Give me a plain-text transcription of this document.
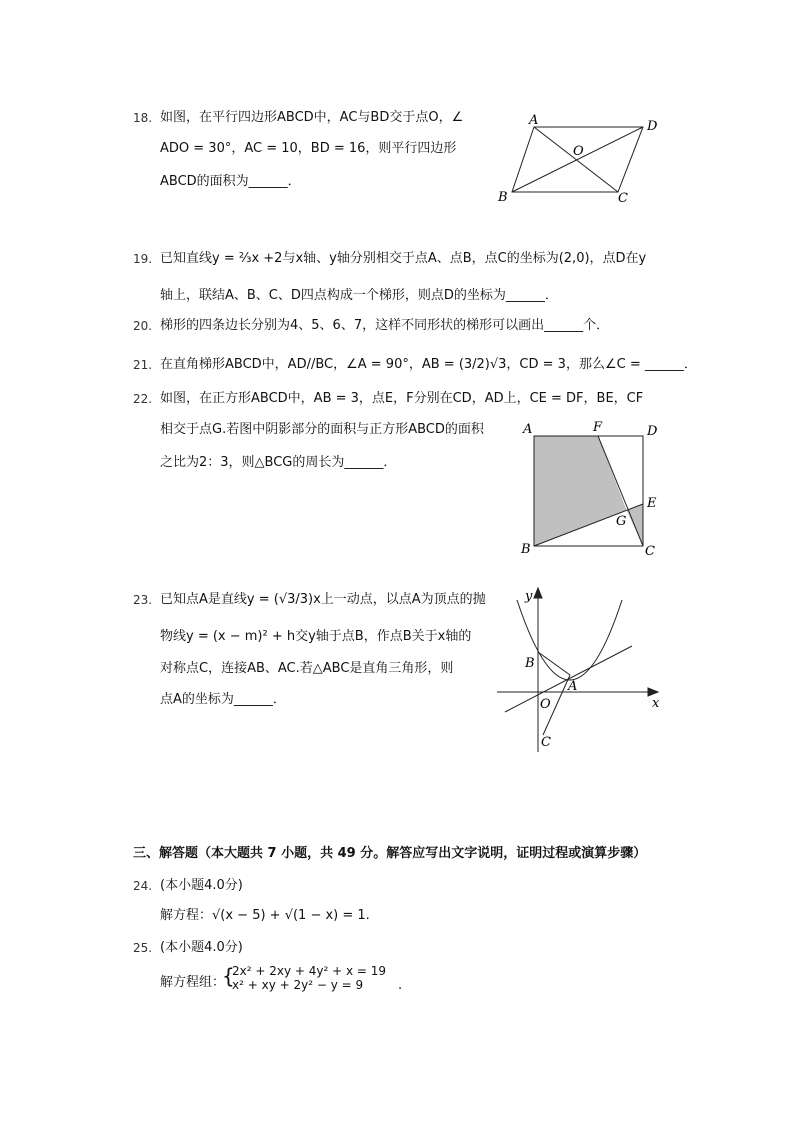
18. 如图，在平行四边形ABCD中，AC与BD交于点O，∠
ADO = 30°，AC = 10，BD = 16，则平行四边形
ABCD的面积为______．
19. 已知直线y = ⅔x +2与x轴、y轴分别相交于点A、点B，点C的坐标为(2,0)，点D在y
轴上，联结A、B、C、D四点构成一个梯形，则点D的坐标为______．
20. 梯形的四条边长分别为4、5、6、7，这样不同形状的梯形可以画出______个．
21. 在直角梯形ABCD中，AD//BC，∠A = 90°，AB = (3/2)√3，CD = 3，那么∠C = ______．
22. 如图，在正方形ABCD中，AB = 3，点E，F分别在CD，AD上，CE = DF，BE，CF
相交于点G.若图中阴影部分的面积与正方形ABCD的面积
之比为2：3，则△BCG的周长为______．
23. 已知点A是直线y = (√3/3)x上一动点，以点A为顶点的抛
物线y = (x − m)² + h交y轴于点B，作点B关于x轴的
对称点C，连接AB、AC.若△ABC是直角三角形，则
点A的坐标为______．
三、解答题（本大题共 7 小题，共 49 分。解答应写出文字说明，证明过程或演算步骤）
24. (本小题4.0分)
解方程：√(x − 5) + √(1 − x) = 1.
25. (本小题4.0分)
解方程组：
{
2x² + 2xy + 4y² + x = 19
x² + xy + 2y² − y = 9	.
A	D
O
B	C
A	F	D
E
G
B	C
y
x
O
B
A
C
